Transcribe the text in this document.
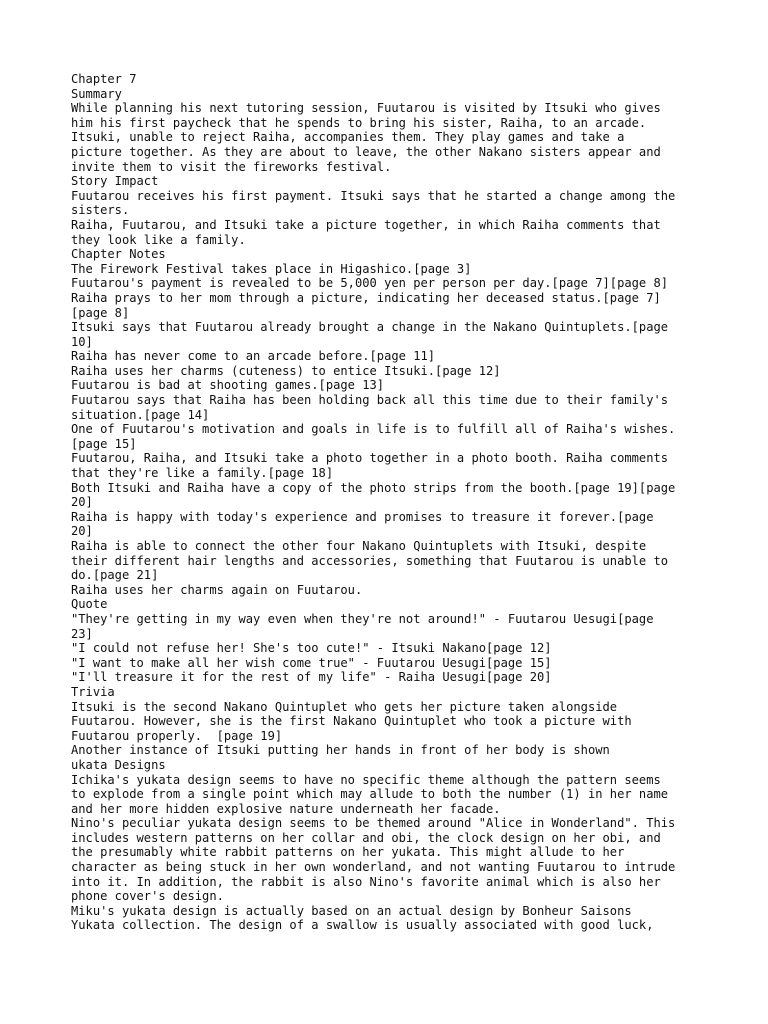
Chapter 7
Summary
While planning his next tutoring session, Fuutarou is visited by Itsuki who gives
him his first paycheck that he spends to bring his sister, Raiha, to an arcade.
Itsuki, unable to reject Raiha, accompanies them. They play games and take a
picture together. As they are about to leave, the other Nakano sisters appear and
invite them to visit the fireworks festival.
Story Impact
Fuutarou receives his first payment. Itsuki says that he started a change among the
sisters.
Raiha, Fuutarou, and Itsuki take a picture together, in which Raiha comments that
they look like a family.
Chapter Notes
The Firework Festival takes place in Higashico.[page 3]
Fuutarou's payment is revealed to be 5,000 yen per person per day.[page 7][page 8]
Raiha prays to her mom through a picture, indicating her deceased status.[page 7]
[page 8]
Itsuki says that Fuutarou already brought a change in the Nakano Quintuplets.[page
10]
Raiha has never come to an arcade before.[page 11]
Raiha uses her charms (cuteness) to entice Itsuki.[page 12]
Fuutarou is bad at shooting games.[page 13]
Fuutarou says that Raiha has been holding back all this time due to their family's
situation.[page 14]
One of Fuutarou's motivation and goals in life is to fulfill all of Raiha's wishes.
[page 15]
Fuutarou, Raiha, and Itsuki take a photo together in a photo booth. Raiha comments
that they're like a family.[page 18]
Both Itsuki and Raiha have a copy of the photo strips from the booth.[page 19][page
20]
Raiha is happy with today's experience and promises to treasure it forever.[page
20]
Raiha is able to connect the other four Nakano Quintuplets with Itsuki, despite
their different hair lengths and accessories, something that Fuutarou is unable to
do.[page 21]
Raiha uses her charms again on Fuutarou.
Quote
"They're getting in my way even when they're not around!" - Fuutarou Uesugi[page
23]
"I could not refuse her! She's too cute!" - Itsuki Nakano[page 12]
"I want to make all her wish come true" - Fuutarou Uesugi[page 15]
"I'll treasure it for the rest of my life" - Raiha Uesugi[page 20]
Trivia
Itsuki is the second Nakano Quintuplet who gets her picture taken alongside
Fuutarou. However, she is the first Nakano Quintuplet who took a picture with
Fuutarou properly.  [page 19]
Another instance of Itsuki putting her hands in front of her body is shown
ukata Designs
Ichika's yukata design seems to have no specific theme although the pattern seems
to explode from a single point which may allude to both the number (1) in her name
and her more hidden explosive nature underneath her facade.
Nino's peculiar yukata design seems to be themed around "Alice in Wonderland". This
includes western patterns on her collar and obi, the clock design on her obi, and
the presumably white rabbit patterns on her yukata. This might allude to her
character as being stuck in her own wonderland, and not wanting Fuutarou to intrude
into it. In addition, the rabbit is also Nino's favorite animal which is also her
phone cover's design.
Miku's yukata design is actually based on an actual design by Bonheur Saisons
Yukata collection. The design of a swallow is usually associated with good luck,
